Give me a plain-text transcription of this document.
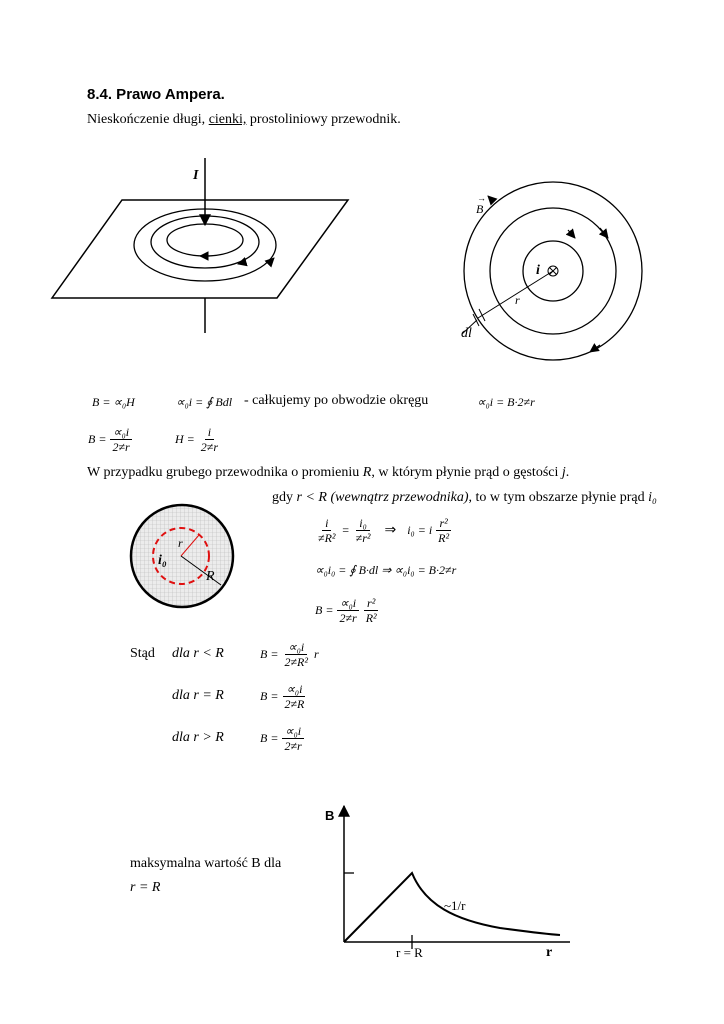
8.4. Prawo Ampera.
Nieskończenie długi, cienki, prostoliniowy przewodnik.
I
→
B
i
r
dl
B = ∝₀H	∝₀i = ∮ Bdl - całkujemy po obwodzie okręgu	∝₀i = B·2≠r
$B = \frac{\text{∝₀i}}{2\ne r}$	$H = \frac{i}{2\ne r}$
W przypadku grubego przewodnika o promieniu R, w którym płynie prąd o gęstości j.
gdy r < R (wewnątrz przewodnika), to w tym obszarze płynie prąd i₀
r
i₀
R
$\frac{i}{\text{≠R²}} = \frac{\text{i₀}}{\text{≠r²}}$ ⇒ i₀ = i $\frac{\text{r²}}{\text{R²}}$
∝₀i₀ = ∮ B·dl ⇒ ∝₀i₀ = B·2≠r
$B = \frac{\text{∝₀i}}{2\ne r} \frac{\text{r²}}{\text{R²}}$
Stąd dla r < R	$B = \frac{\text{∝₀i}}{\text{2≠R²}}$ r
dla r = R	$B = \frac{\text{∝₀i}}{2\ne R}$
dla r > R	$B = \frac{\text{∝₀i}}{2\ne r}$
maksymalna wartość B dla
r = R
B
~1/r
r = R	r
